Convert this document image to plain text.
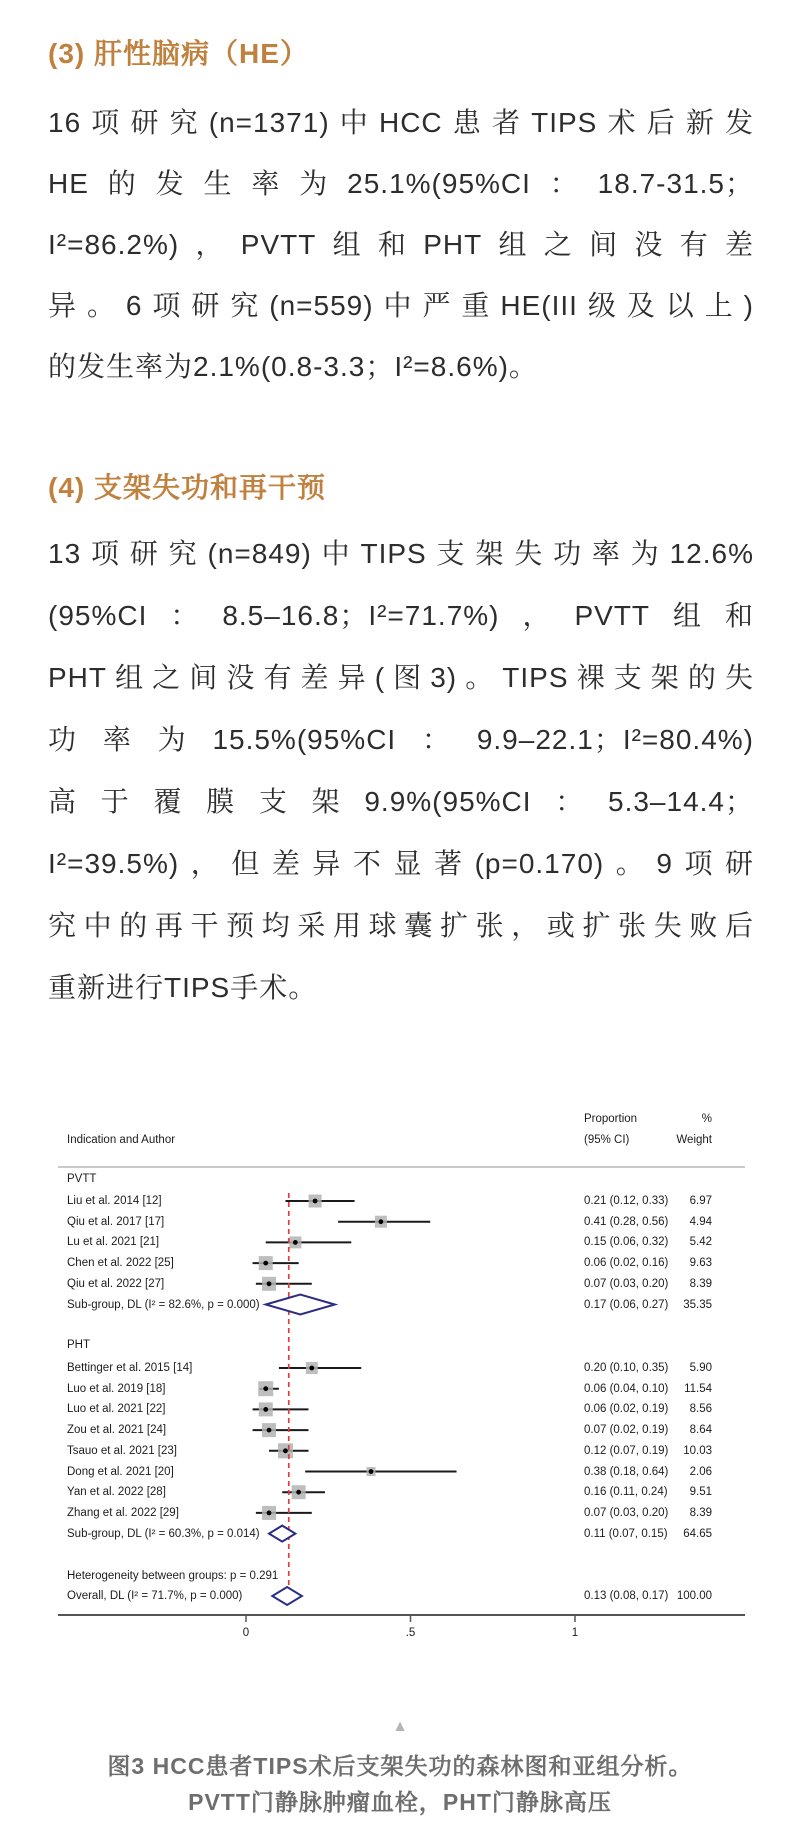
(3) 肝性脑病（HE）
16项研究(n=1371)中HCC患者TIPS术后新发
HE的发生率为25.1%(95%CI：18.7-31.5；
I²=86.2%)，PVTT组和PHT组之间没有差
异。6项研究(n=559)中严重HE(III级及以上)
的发生率为2.1%(0.8-3.3；I²=8.6%)。
(4) 支架失功和再干预
13项研究(n=849)中TIPS支架失功率为12.6%
(95%CI：8.5–16.8；I²=71.7%)，PVTT组和
PHT组之间没有差异(图3)。TIPS裸支架的失
功率为15.5%(95%CI：9.9–22.1；I²=80.4%)
高于覆膜支架9.9%(95%CI：5.3–14.4；
I²=39.5%)，但差异不显著(p=0.170)。9项研
究中的再干预均采用球囊扩张，或扩张失败后
重新进行TIPS手术。
Indication and Author
Proportion
(95% CI)
%
Weight
Heterogeneity between groups: p = 0.291
PVTT
Liu et al. 2014 [12]	0.21 (0.12, 0.33)	6.97
Qiu et al. 2017 [17]	0.41 (0.28, 0.56)	4.94
Lu et al. 2021 [21]	0.15 (0.06, 0.32)	5.42
Chen et al. 2022 [25]	0.06 (0.02, 0.16)	9.63
Qiu et al. 2022 [27]	0.07 (0.03, 0.20)	8.39
Sub-group, DL (I² = 82.6%, p = 0.000)	0.17 (0.06, 0.27)	35.35
PHT
Bettinger et al. 2015 [14]	0.20 (0.10, 0.35)	5.90
Luo et al. 2019 [18]	0.06 (0.04, 0.10)	11.54
Luo et al. 2021 [22]	0.06 (0.02, 0.19)	8.56
Zou et al. 2021 [24]	0.07 (0.02, 0.19)	8.64
Tsauo et al. 2021 [23]	0.12 (0.07, 0.19)	10.03
Dong et al. 2021 [20]	0.38 (0.18, 0.64)	2.06
Yan et al. 2022 [28]	0.16 (0.11, 0.24)	9.51
Zhang et al. 2022 [29]	0.07 (0.03, 0.20)	8.39
Sub-group, DL (I² = 60.3%, p = 0.014)	0.11 (0.07, 0.15)	64.65
Overall, DL (I² = 71.7%, p = 0.000)	0.13 (0.08, 0.17) 100.00
0	.5	1
▲
图3 HCC患者TIPS术后支架失功的森林图和亚组分析。
PVTT门静脉肿瘤血栓，PHT门静脉高压
